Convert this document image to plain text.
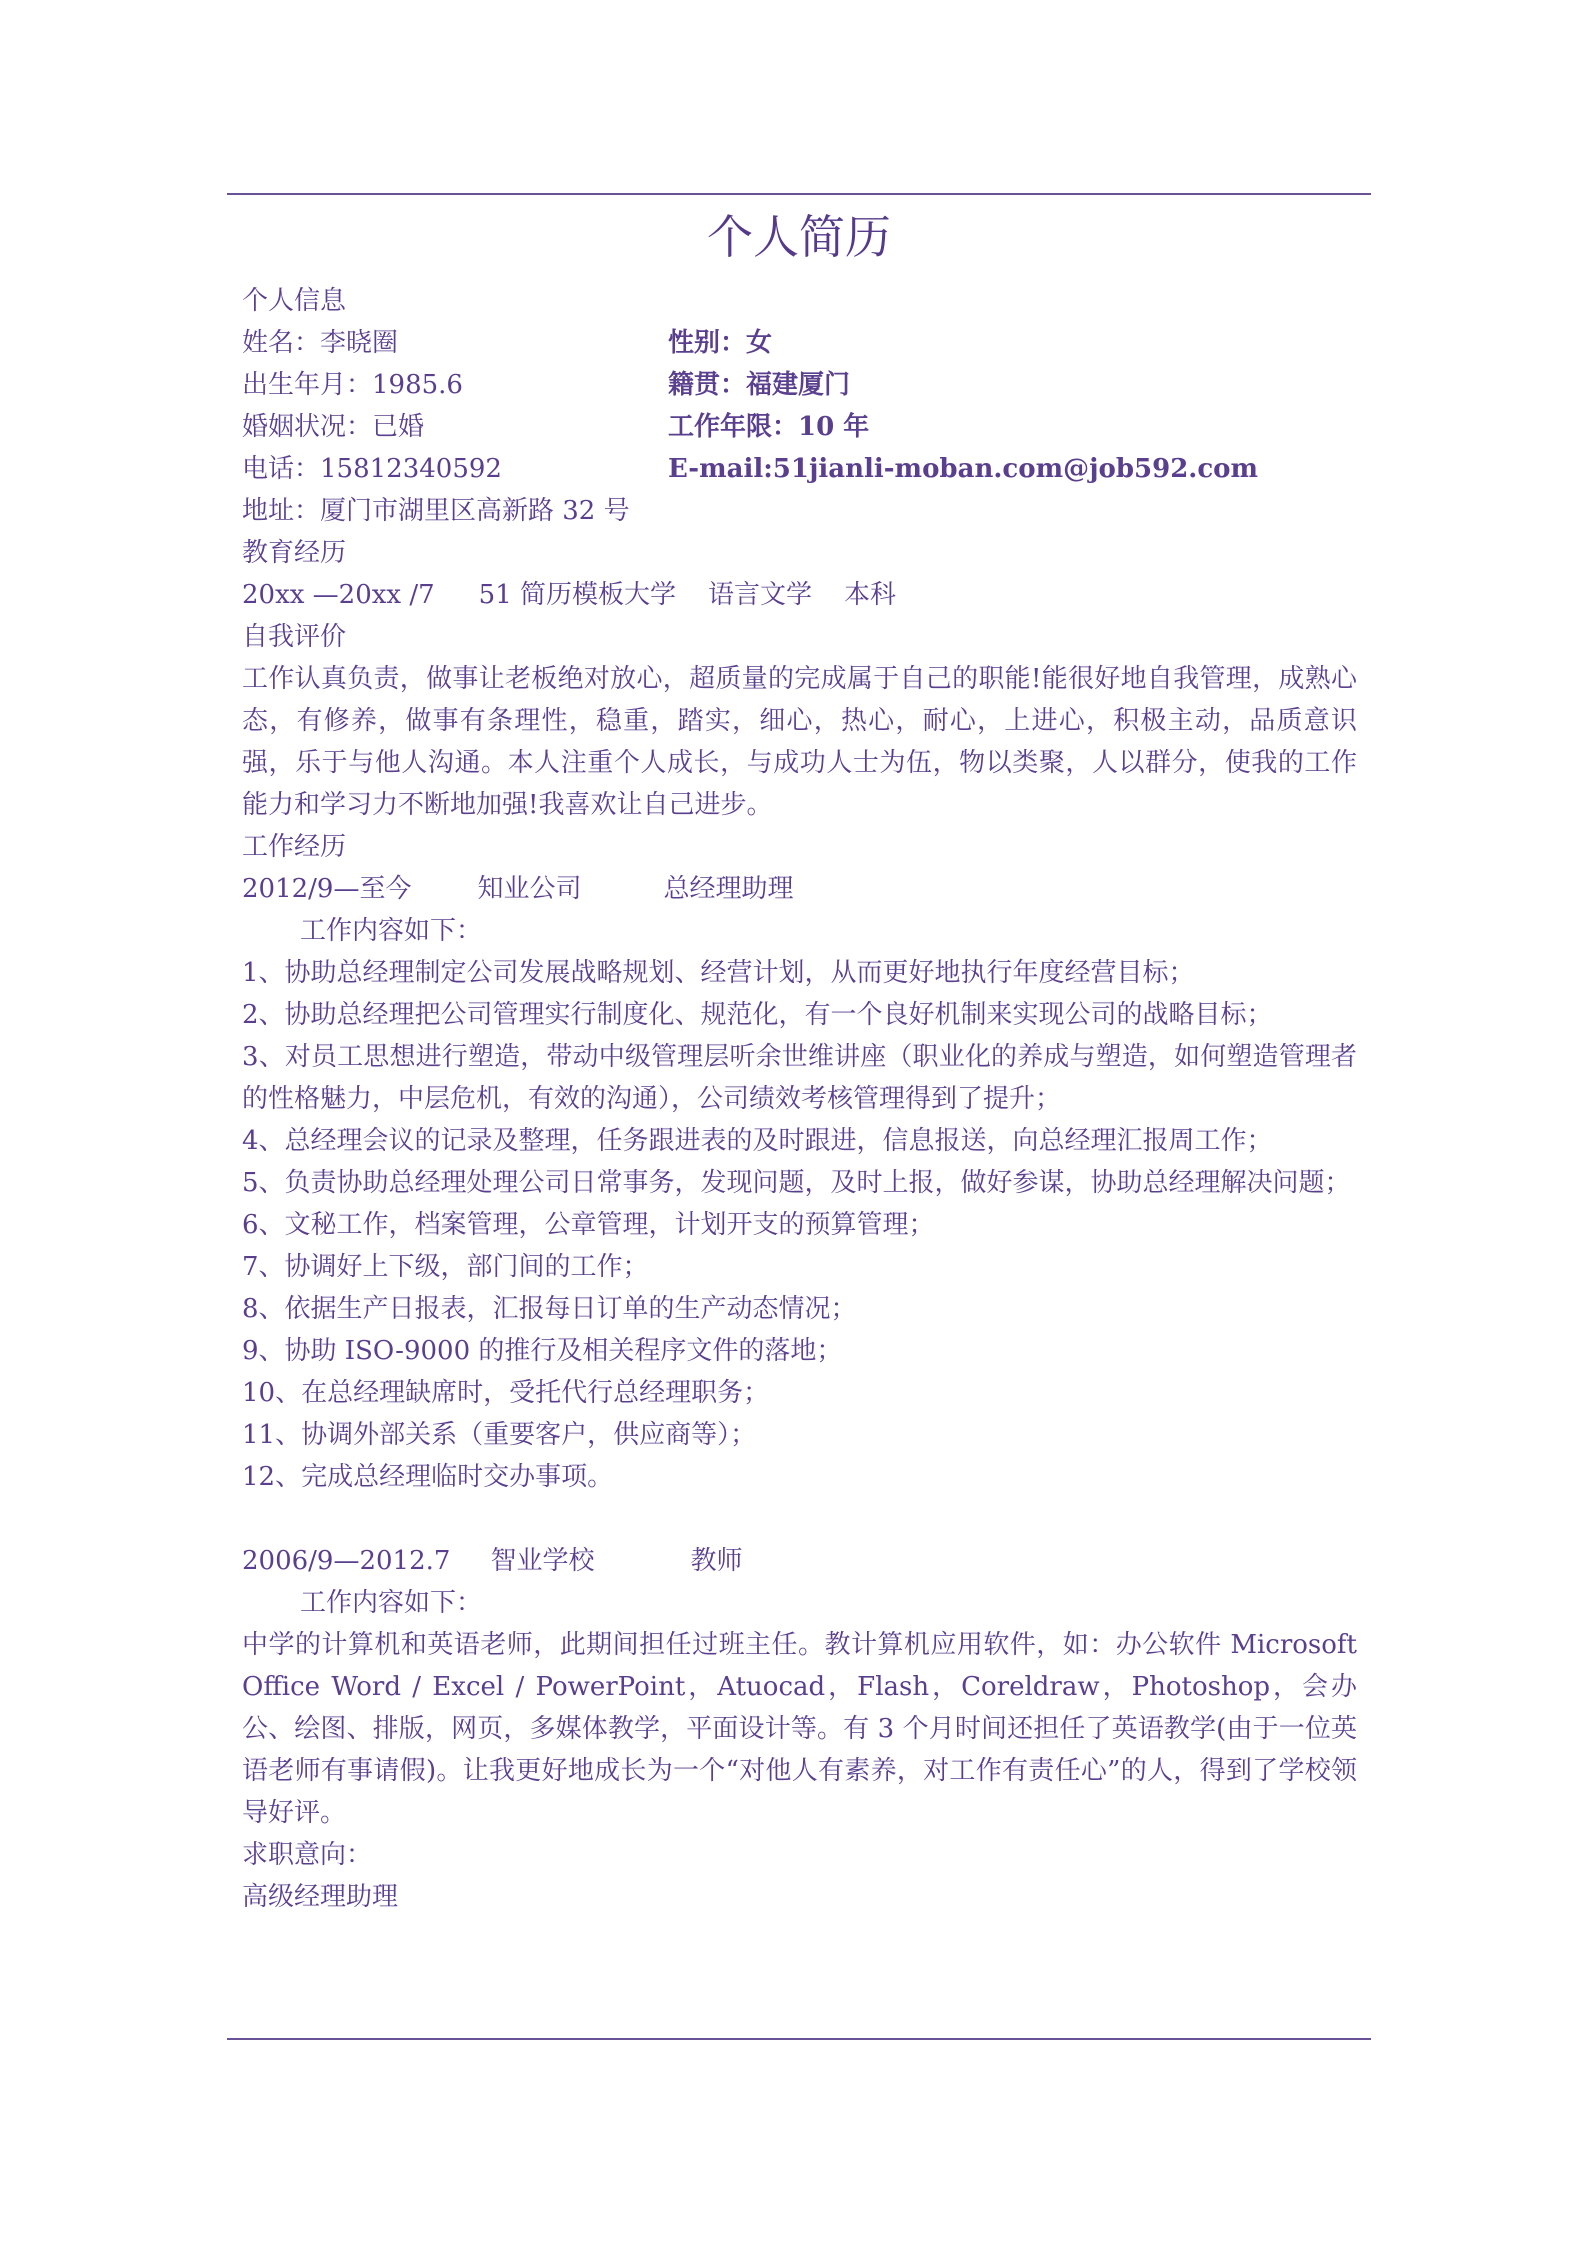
个人简历
个人信息
姓名：李晓圈	性别：女
出生年月：1985.6	籍贯：福建厦门
婚姻状况：已婚	工作年限：10 年
电话：15812340592	E-mail:51jianli-moban.com@job592.com
地址：厦门市湖里区高新路 32 号
教育经历
20xx —20xx /7 51 简历模板大学 语言文学 本科
自我评价
工作认真负责，做事让老板绝对放心，超质量的完成属于自己的职能!能很好地自我管理，成熟心态，有修养，做事有条理性，稳重，踏实，细心，热心，耐心，上进心，积极主动，品质意识强，乐于与他人沟通。本人注重个人成长，与成功人士为伍，物以类聚，人以群分，使我的工作能力和学习力不断地加强!我喜欢让自己进步。
工作经历
2012/9—至今	知业公司	总经理助理
工作内容如下：
1、协助总经理制定公司发展战略规划、经营计划，从而更好地执行年度经营目标；
2、协助总经理把公司管理实行制度化、规范化，有一个良好机制来实现公司的战略目标；
3、对员工思想进行塑造，带动中级管理层听余世维讲座（职业化的养成与塑造，如何塑造管理者的性格魅力，中层危机，有效的沟通），公司绩效考核管理得到了提升；
4、总经理会议的记录及整理，任务跟进表的及时跟进，信息报送，向总经理汇报周工作；
5、负责协助总经理处理公司日常事务，发现问题，及时上报，做好参谋，协助总经理解决问题；
6、文秘工作，档案管理，公章管理，计划开支的预算管理；
7、协调好上下级，部门间的工作；
8、依据生产日报表，汇报每日订单的生产动态情况；
9、协助 ISO-9000 的推行及相关程序文件的落地；
10、在总经理缺席时，受托代行总经理职务；
11、协调外部关系（重要客户，供应商等）；
12、完成总经理临时交办事项。
2006/9—2012.7 智业学校	教师
工作内容如下：
中学的计算机和英语老师，此期间担任过班主任。教计算机应用软件，如：办公软件 Microsoft Office Word / Excel / PowerPoint，Atuocad，Flash，Coreldraw，Photoshop，会办公、绘图、排版，网页，多媒体教学，平面设计等。有 3 个月时间还担任了英语教学(由于一位英语老师有事请假)。让我更好地成长为一个“对他人有素养，对工作有责任心”的人，得到了学校领导好评。
求职意向：
高级经理助理
